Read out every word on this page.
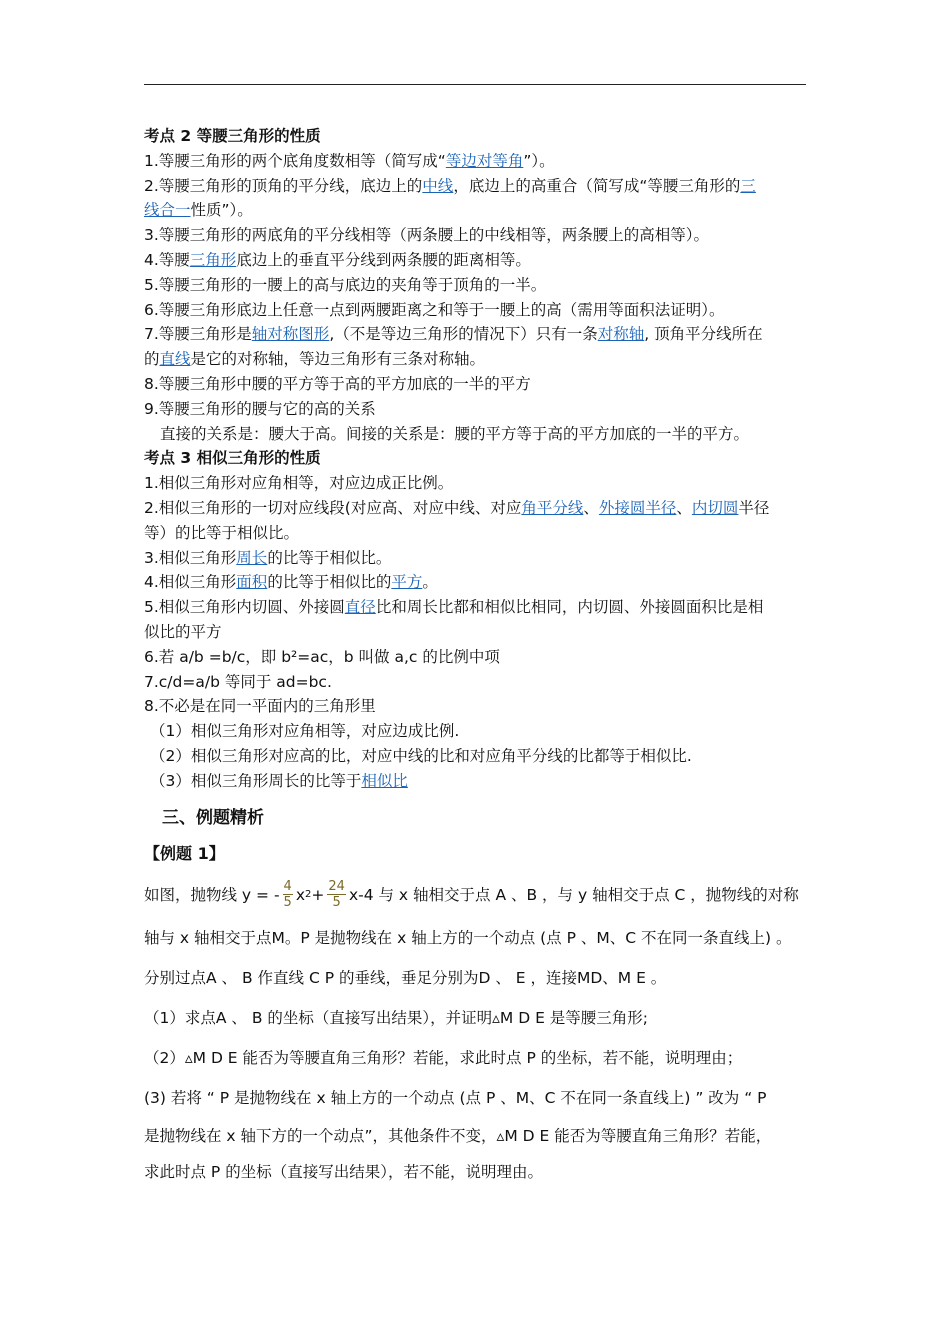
考点 2 等腰三角形的性质
1.等腰三角形的两个底角度数相等（简写成“等边对等角”）。
2.等腰三角形的顶角的平分线，底边上的中线，底边上的高重合（简写成“等腰三角形的三
线合一性质”）。
3.等腰三角形的两底角的平分线相等（两条腰上的中线相等，两条腰上的高相等）。
4.等腰三角形底边上的垂直平分线到两条腰的距离相等。
5.等腰三角形的一腰上的高与底边的夹角等于顶角的一半。
6.等腰三角形底边上任意一点到两腰距离之和等于一腰上的高（需用等面积法证明）。
7.等腰三角形是轴对称图形,（不是等边三角形的情况下）只有一条对称轴, 顶角平分线所在
的直线是它的对称轴，等边三角形有三条对称轴。
8.等腰三角形中腰的平方等于高的平方加底的一半的平方
9.等腰三角形的腰与它的高的关系
直接的关系是：腰大于高。间接的关系是：腰的平方等于高的平方加底的一半的平方。
考点 3 相似三角形的性质
1.相似三角形对应角相等，对应边成正比例。
2.相似三角形的一切对应线段(对应高、对应中线、对应角平分线、外接圆半径、内切圆半径
等）的比等于相似比。
3.相似三角形周长的比等于相似比。
4.相似三角形面积的比等于相似比的平方。
5.相似三角形内切圆、外接圆直径比和周长比都和相似比相同，内切圆、外接圆面积比是相
似比的平方
6.若 a/b =b/c，即 b²=ac，b 叫做 a,c 的比例中项
7.c/d=a/b 等同于 ad=bc.
8.不必是在同一平面内的三角形里
（1）相似三角形对应角相等，对应边成比例.
（2）相似三角形对应高的比，对应中线的比和对应角平分线的比都等于相似比.
（3）相似三角形周长的比等于相似比
三、例题精析
【例题 1】
如图，抛物线 y = - $\frac{4}{5}$ x $2 + \frac{24}{5} x-4$ 与 x 轴相交于点 A 、B ，与 y 轴相交于点 C ，抛物线的对称
轴与 x 轴相交于点M。P 是抛物线在 x 轴上方的一个动点 (点 P 、M、C 不在同一条直线上) 。
分别过点A 、 B 作直线 C P 的垂线，垂足分别为D 、 E ，连接MD、M E 。
（1）求点A 、 B 的坐标（直接写出结果），并证明▵M D E 是等腰三角形;
（2）▵M D E 能否为等腰直角三角形？若能，求此时点 P 的坐标，若不能，说明理由；
(3) 若将 “ P 是抛物线在 x 轴上方的一个动点 (点 P 、M、C 不在同一条直线上) ” 改为 “ P
是抛物线在 x 轴下方的一个动点”，其他条件不变，▵M D E 能否为等腰直角三角形？若能，
求此时点 P 的坐标（直接写出结果），若不能，说明理由。
